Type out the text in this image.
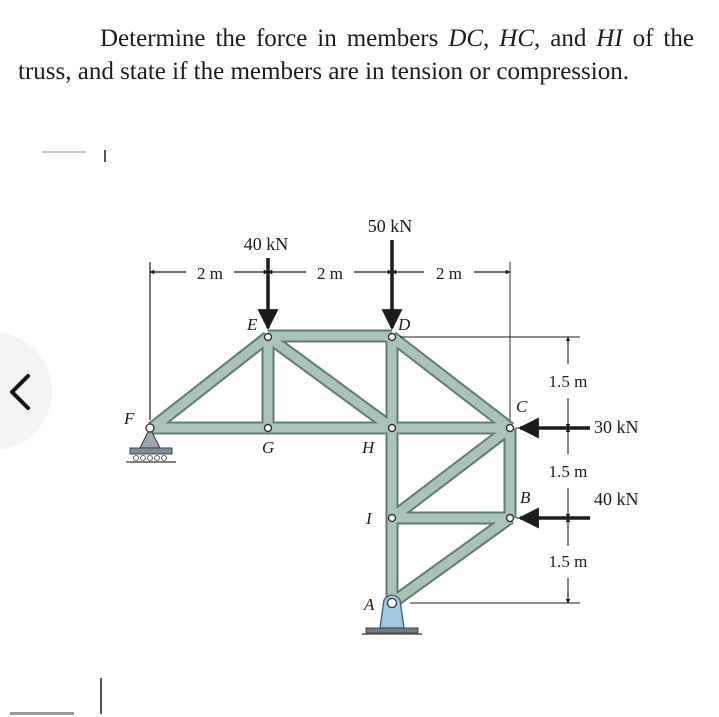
Determine the force in members DC, HC, and HI of the truss, and state if the members are in tension or compression.
2 m	2 m	2 m
1.5 m
1.5 m
1.5 m
40 kN
50 kN
30 kN
40 kN
F
E	D
G	H
C
B
I
A
